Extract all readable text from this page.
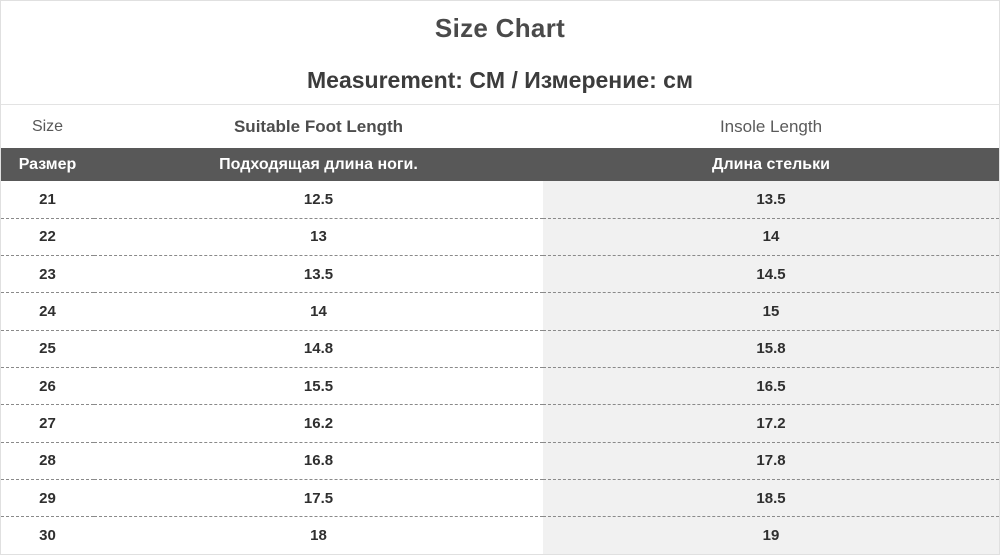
Size Chart
Measurement: CM / Измерение: см
Size	Suitable Foot Length	Insole Length
Размер	Подходящая длина ноги.	Длина стельки
21	12.5	13.5
22	13	14
23	13.5	14.5
24	14	15
25	14.8	15.8
26	15.5	16.5
27	16.2	17.2
28	16.8	17.8
29	17.5	18.5
30	18	19
